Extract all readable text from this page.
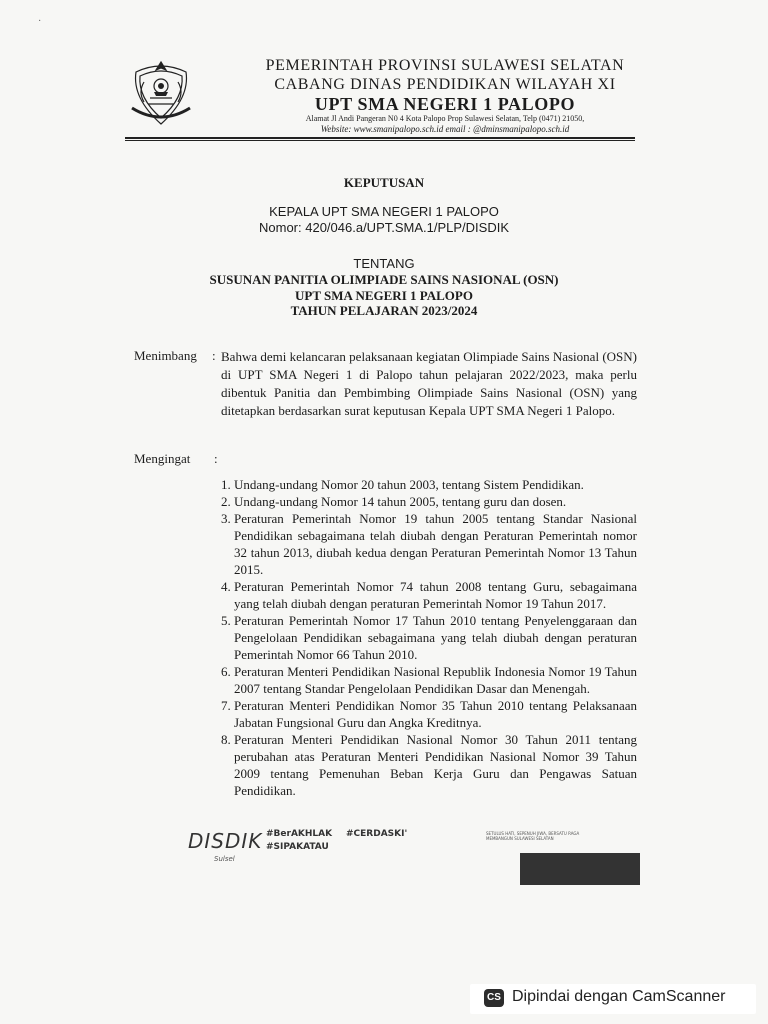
·
PEMERINTAH PROVINSI SULAWESI SELATAN
CABANG DINAS PENDIDIKAN WILAYAH XI
UPT SMA NEGERI 1 PALOPO
Alamat Jl Andi Pangeran N0 4 Kota Palopo Prop Sulawesi Selatan, Telp (0471) 21050,
Website: www.smanipalopo.sch.id email : @dminsmanipalopo.sch.id
KEPUTUSAN
KEPALA UPT SMA NEGERI 1 PALOPO
Nomor: 420/046.a/UPT.SMA.1/PLP/DISDIK
TENTANG
SUSUNAN PANITIA OLIMPIADE SAINS NASIONAL (OSN)
UPT SMA NEGERI 1 PALOPO
TAHUN PELAJARAN 2023/2024
Menimbang : Bahwa demi kelancaran pelaksanaan kegiatan Olimpiade Sains Nasional (OSN) di UPT SMA Negeri 1 di Palopo tahun pelajaran 2022/2023, maka perlu dibentuk Panitia dan Pembimbing Olimpiade Sains Nasional (OSN) yang ditetapkan berdasarkan surat keputusan Kepala UPT SMA Negeri 1 Palopo.

Mengingat :
1. Undang-undang Nomor 20 tahun 2003, tentang Sistem Pendidikan.
2. Undang-undang Nomor 14 tahun 2005, tentang guru dan dosen.
3. Peraturan Pemerintah Nomor 19 tahun 2005 tentang Standar Nasional Pendidikan sebagaimana telah diubah dengan Peraturan Pemerintah nomor 32 tahun 2013, diubah kedua dengan Peraturan Pemerintah Nomor 13 Tahun 2015.
4. Peraturan Pemerintah Nomor 74 tahun 2008 tentang Guru, sebagaimana yang telah diubah dengan peraturan Pemerintah Nomor 19 Tahun 2017.
5. Peraturan Pemerintah Nomor 17 Tahun 2010 tentang Penyelenggaraan dan Pengelolaan Pendidikan sebagaimana yang telah diubah dengan peraturan Pemerintah Nomor 66 Tahun 2010.
6. Peraturan Menteri Pendidikan Nasional Republik Indonesia Nomor 19 Tahun 2007 tentang Standar Pengelolaan Pendidikan Dasar dan Menengah.
7. Peraturan Menteri Pendidikan Nomor 35 Tahun 2010 tentang Pelaksanaan Jabatan Fungsional Guru dan Angka Kreditnya.
8. Peraturan Menteri Pendidikan Nasional Nomor 30 Tahun 2011 tentang perubahan atas Peraturan Menteri Pendidikan Nasional Nomor 39 Tahun 2009 tentang Pemenuhan Beban Kerja Guru dan Pengawas Satuan Pendidikan.
DISDIK
Sulsel
#BerAKHLAK #CERDASKI'
#SIPAKATAU
SETULUS HATI, SEPENUH JIWA, BERSATU RAGA MEMBANGUN SULAWESI SELATAN
CS Dipindai dengan CamScanner
